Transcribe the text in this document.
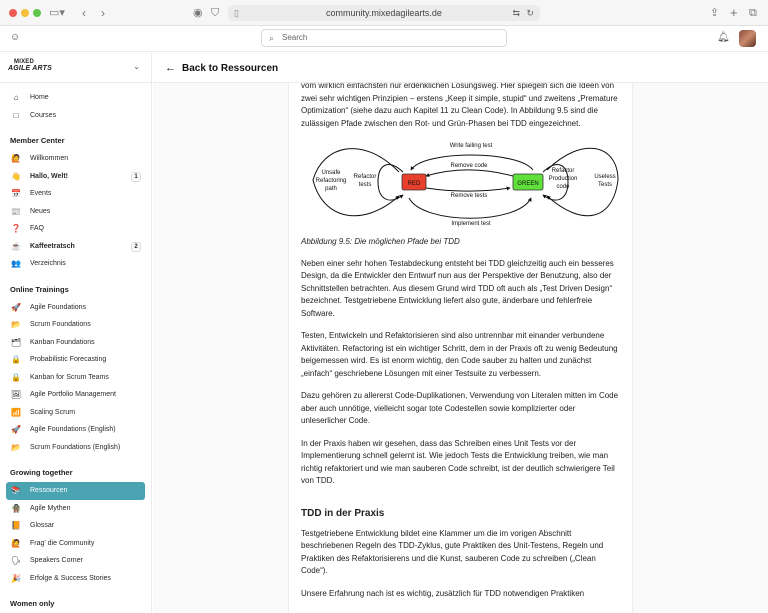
▭▾ ‹ ›	◉ ⛉ ▯	community.mixedagilearts.de	⇆ ↻	⇪ + ⧉
☺	⌕ Search	🔔︎
MIXED
AGILE ARTS	⌄
⌂	Home
□	Courses
Member Center
🙋 Willkommen
👋 Hallo, Welt!	1
📅 Events
📰 Neues
❓ FAQ
☕ Kaffeetratsch	2
👥 Verzeichnis
Online Trainings
🚀 Agile Foundations
📂 Scrum Foundations
🗂 Kanban Foundations
🔒 Probabilistic Forecasting
🔒 Kanban for Scrum Teams
🖼 Agile Portfolio Management
📶 Scaling Scrum
🚀 Agile Foundations (English)
📂 Scrum Foundations (English)
Growing together
📚 Ressourcen
🧌 Agile Mythen
📙 Glossar
🙋 Frag' die Community
🗣 Speakers Corner
🎉 Erfolge & Success Stories
Women only
← Back to Ressourcen

vom wirklich einfachsten nur erdenklichen Lösungsweg. Hier spiegeln sich die Ideen von zwei sehr wichtigen Prinzipien – erstens „Keep it simple, stupid“ und zweitens „Premature Optimization“ (siehe dazu auch Kapitel 11 zu Clean Code). In Abbildung 9.5 sind die zulässigen Pfade zwischen den Rot- und Grün-Phasen bei TDD eingezeichnet.

RED	GREEN
Write failing test
Remove code
Remove tests
Implement test
Unsafe
Refactoring
path
Refactor
tests
Refactor
Production
code
Useless
Tests

Abbildung 9.5: Die möglichen Pfade bei TDD

Neben einer sehr hohen Testabdeckung entsteht bei TDD gleichzeitig auch ein besseres Design, da die Entwickler den Entwurf nun aus der Perspektive der Benutzung, also der Schnittstellen betrachten. Aus diesem Grund wird TDD oft auch als „Test Driven Design“ bezeichnet. Testgetriebene Entwicklung liefert also gute, änderbare und fehlerfreie Software.

Testen, Entwickeln und Refaktorisieren sind also untrennbar mit einander verbundene Aktivitäten. Refactoring ist ein wichtiger Schritt, dem in der Praxis oft zu wenig Bedeutung beigemessen wird. Es ist enorm wichtig, den Code sauber zu halten und zunächst „einfach“ geschriebene Lösungen mit einer Testsuite zu verbessern.

Dazu gehören zu allererst Code-Duplikationen, Verwendung von Literalen mitten im Code aber auch unnötige, vielleicht sogar tote Codestellen sowie komplizierter oder unleserlicher Code.

In der Praxis haben wir gesehen, dass das Schreiben eines Unit Tests vor der Implementierung schnell gelernt ist. Wie jedoch Tests die Entwicklung treiben, wie man richtig refaktoriert und wie man sauberen Code schreibt, ist der deutlich schwierigere Teil von TDD.

TDD in der Praxis

Testgetriebene Entwicklung bildet eine Klammer um die im vorigen Abschnitt beschriebenen Regeln des TDD-Zyklus, gute Praktiken des Unit-Testens, Regeln und Praktiken des Refaktorisierens und die Kunst, sauberen Code zu schreiben („Clean Code“).

Unsere Erfahrung nach ist es wichtig, zusätzlich für TDD notwendigen Praktiken
